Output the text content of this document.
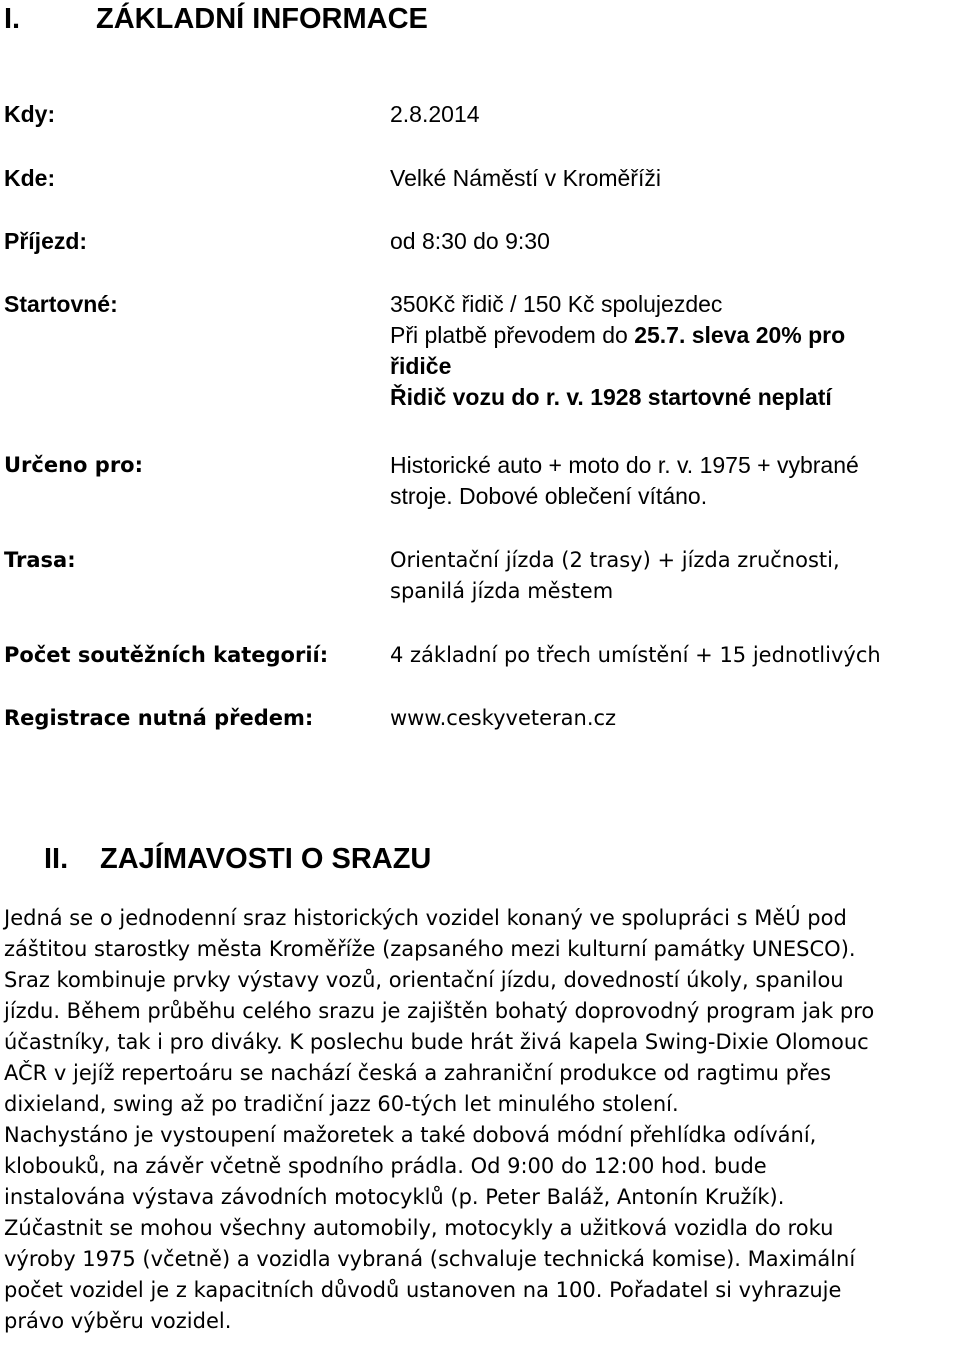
I.	ZÁKLADNÍ INFORMACE
Kdy:	2.8.2014
Kde:	Velké Náměstí v Kroměříži
Příjezd:	od 8:30 do 9:30
Startovné:	350Kč řidič / 150 Kč spolujezdec
Při platbě převodem do 25.7. sleva 20% pro
řidiče
Řidič vozu do r. v. 1928 startovné neplatí
Určeno pro:	Historické auto + moto do r. v. 1975 + vybrané
stroje. Dobové oblečení vítáno.
Trasa:	Orientační jízda (2 trasy) + jízda zručnosti,
spanilá jízda městem
Počet soutěžních kategorií:	4 základní po třech umístění + 15 jednotlivých
Registrace nutná předem:	www.ceskyveteran.cz
II. ZAJÍMAVOSTI O SRAZU
Jedná se o jednodenní sraz historických vozidel konaný ve spolupráci s MěÚ pod
záštitou starostky města Kroměříže (zapsaného mezi kulturní památky UNESCO).
Sraz kombinuje prvky výstavy vozů, orientační jízdu, dovedností úkoly, spanilou
jízdu. Během průběhu celého srazu je zajištěn bohatý doprovodný program jak pro
účastníky, tak i pro diváky. K poslechu bude hrát živá kapela Swing-Dixie Olomouc
AČR v jejíž repertoáru se nachází česká a zahraniční produkce od ragtimu přes
dixieland, swing až po tradiční jazz 60-tých let minulého stolení.
Nachystáno je vystoupení mažoretek a také dobová módní přehlídka odívání,
klobouků, na závěr včetně spodního prádla. Od 9:00 do 12:00 hod. bude
instalována výstava závodních motocyklů (p. Peter Baláž, Antonín Kružík).
Zúčastnit se mohou všechny automobily, motocykly a užitková vozidla do roku
výroby 1975 (včetně) a vozidla vybraná (schvaluje technická komise). Maximální
počet vozidel je z kapacitních důvodů ustanoven na 100. Pořadatel si vyhrazuje
právo výběru vozidel.
